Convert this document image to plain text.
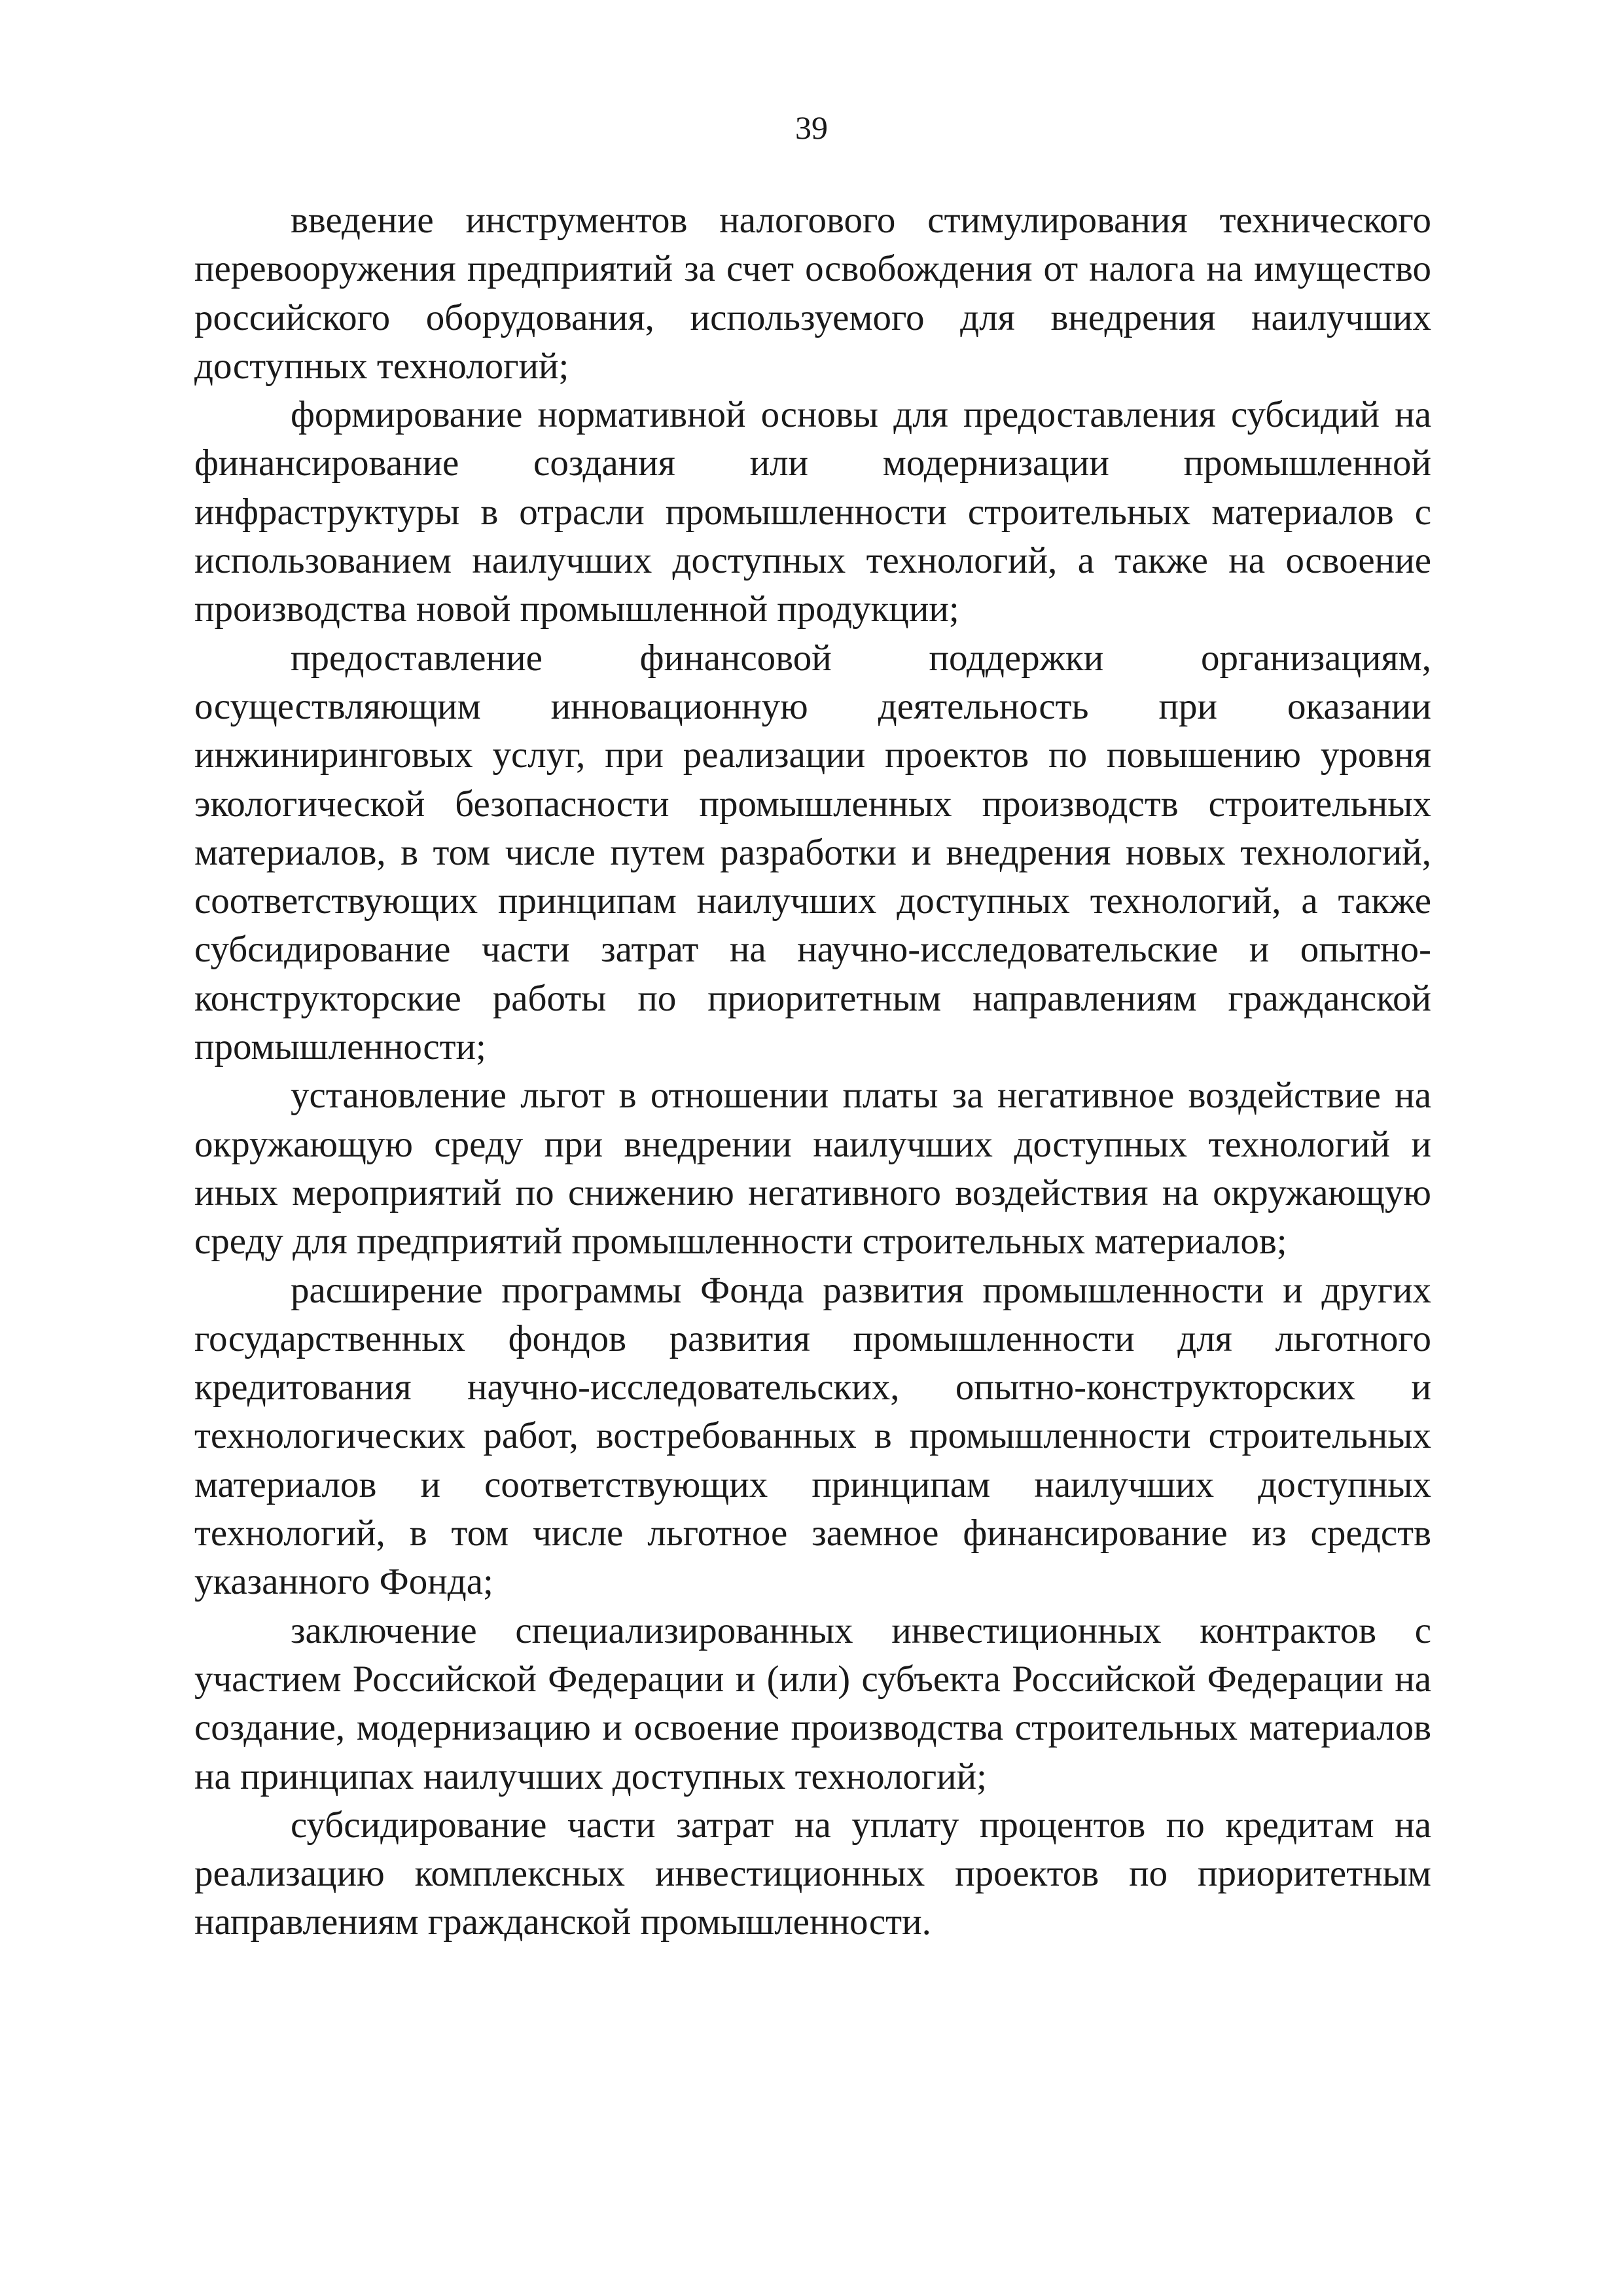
39

введение инструментов налогового стимулирования технического перевооружения предприятий за счет освобождения от налога на имущество российского оборудования, используемого для внедрения наилучших доступных технологий;

формирование нормативной основы для предоставления субсидий на финансирование создания или модернизации промышленной инфраструктуры в отрасли промышленности строительных материалов с использованием наилучших доступных технологий, а также на освоение производства новой промышленной продукции;

предоставление финансовой поддержки организациям, осуществляющим инновационную деятельность при оказании инжиниринговых услуг, при реализации проектов по повышению уровня экологической безопасности промышленных производств строительных материалов, в том числе путем разработки и внедрения новых технологий, соответствующих принципам наилучших доступных технологий, а также субсидирование части затрат на научно-исследовательские и опытно-конструкторские работы по приоритетным направлениям гражданской промышленности;

установление льгот в отношении платы за негативное воздействие на окружающую среду при внедрении наилучших доступных технологий и иных мероприятий по снижению негативного воздействия на окружающую среду для предприятий промышленности строительных материалов;

расширение программы Фонда развития промышленности и других государственных фондов развития промышленности для льготного кредитования научно-исследовательских, опытно-конструкторских и технологических работ, востребованных в промышленности строительных материалов и соответствующих принципам наилучших доступных технологий, в том числе льготное заемное финансирование из средств указанного Фонда;

заключение специализированных инвестиционных контрактов с участием Российской Федерации и (или) субъекта Российской Федерации на создание, модернизацию и освоение производства строительных материалов на принципах наилучших доступных технологий;

субсидирование части затрат на уплату процентов по кредитам на реализацию комплексных инвестиционных проектов по приоритетным направлениям гражданской промышленности.
